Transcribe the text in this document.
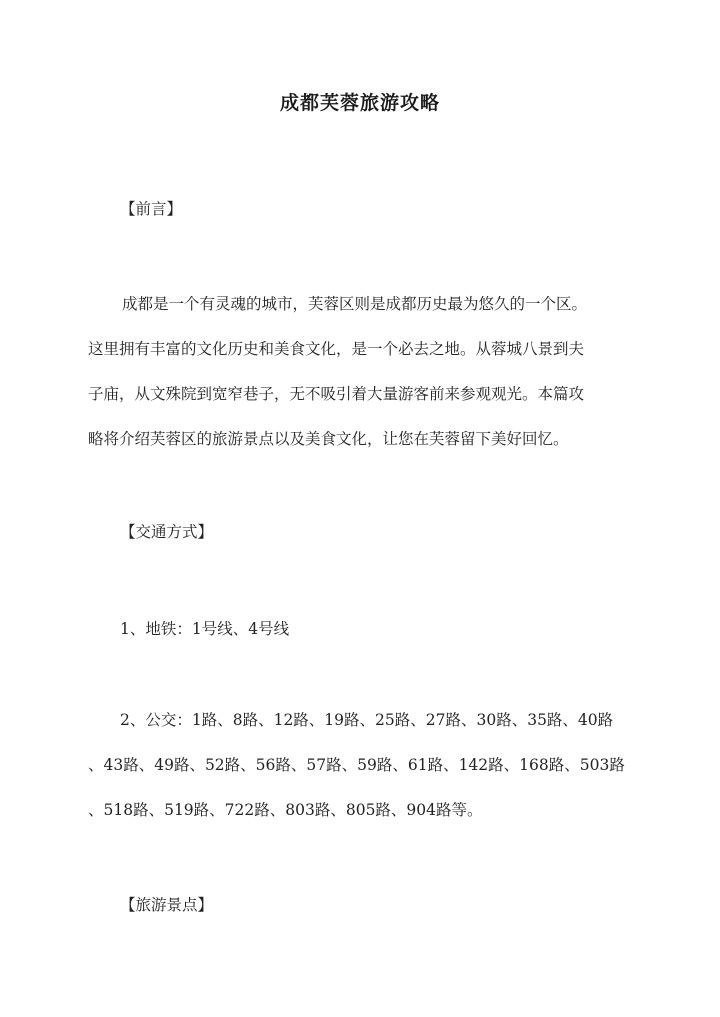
成都芙蓉旅游攻略
【前言】
成都是一个有灵魂的城市，芙蓉区则是成都历史最为悠久的一个区。
这里拥有丰富的文化历史和美食文化，是一个必去之地。从蓉城八景到夫
子庙，从文殊院到宽窄巷子，无不吸引着大量游客前来参观观光。本篇攻
略将介绍芙蓉区的旅游景点以及美食文化，让您在芙蓉留下美好回忆。
【交通方式】
1、地铁：1号线、4号线
2、公交：1路、8路、12路、19路、25路、27路、30路、35路、40路
、43路、49路、52路、56路、57路、59路、61路、142路、168路、503路
、518路、519路、722路、803路、805路、904路等。
【旅游景点】
